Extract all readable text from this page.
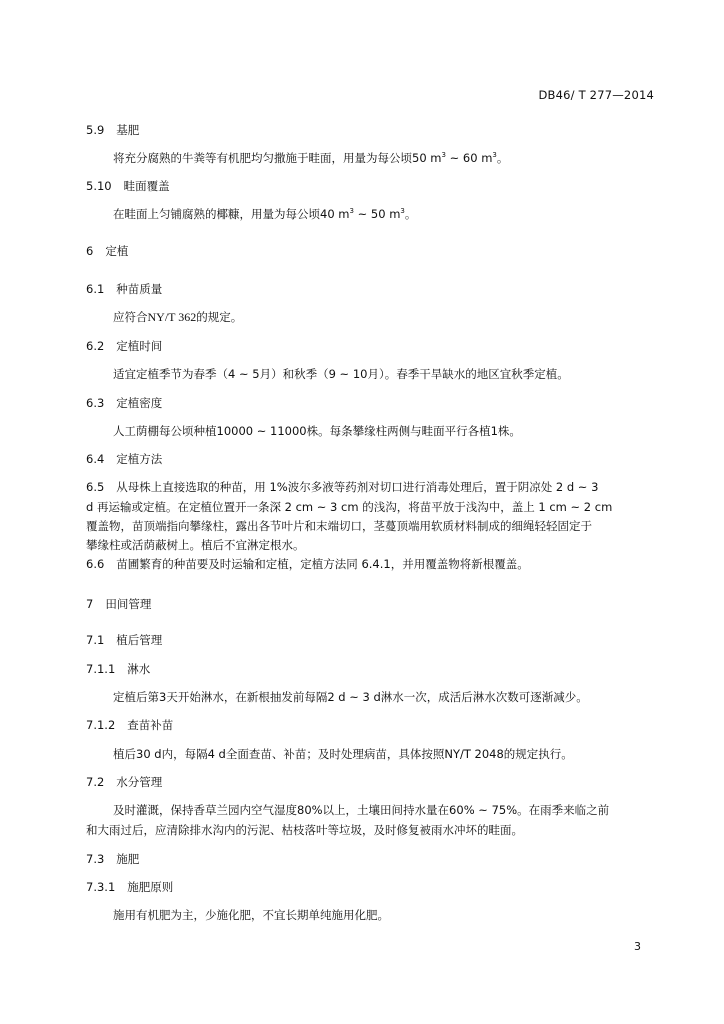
DB46/ T 277—2014
5.9 基肥
将充分腐熟的牛粪等有机肥均匀撒施于畦面，用量为每公顷50 $m^3$ ~ 60 $m^3$。
5.10 畦面覆盖
在畦面上匀铺腐熟的椰糠，用量为每公顷40 $m^3$ ~ 50 $m^3$。
6 定植
6.1 种苗质量
应符合NY/T 362的规定。
6.2 定植时间
适宜定植季节为春季（4 ~ 5月）和秋季（9 ~ 10月）。春季干旱缺水的地区宜秋季定植。
6.3 定植密度
人工荫棚每公顷种植10000 ~ 11000株。每条攀缘柱两侧与畦面平行各植1株。
6.4 定植方法
6.5 从母株上直接选取的种苗，用 1%波尔多液等药剂对切口进行消毒处理后，置于阴凉处 2 d ~ 3
d 再运输或定植。在定植位置开一条深 2 cm ~ 3 cm 的浅沟，将苗平放于浅沟中，盖上 1 cm ~ 2 cm
覆盖物，苗顶端指向攀缘柱，露出各节叶片和末端切口，茎蔓顶端用软质材料制成的细绳轻轻固定于
攀缘柱或活荫蔽树上。植后不宜淋定根水。
6.6 苗圃繁育的种苗要及时运输和定植，定植方法同 6.4.1，并用覆盖物将新根覆盖。
7 田间管理
7.1 植后管理
7.1.1 淋水
定植后第3天开始淋水，在新根抽发前每隔2 d ~ 3 d淋水一次，成活后淋水次数可逐渐减少。
7.1.2 查苗补苗
植后30 d内，每隔4 d全面查苗、补苗；及时处理病苗，具体按照NY/T 2048的规定执行。
7.2 水分管理
及时灌溉，保持香草兰园内空气湿度80%以上，土壤田间持水量在60% ~ 75%。在雨季来临之前
和大雨过后，应清除排水沟内的污泥、枯枝落叶等垃圾，及时修复被雨水冲坏的畦面。
7.3 施肥
7.3.1 施肥原则
施用有机肥为主，少施化肥，不宜长期单纯施用化肥。
3
